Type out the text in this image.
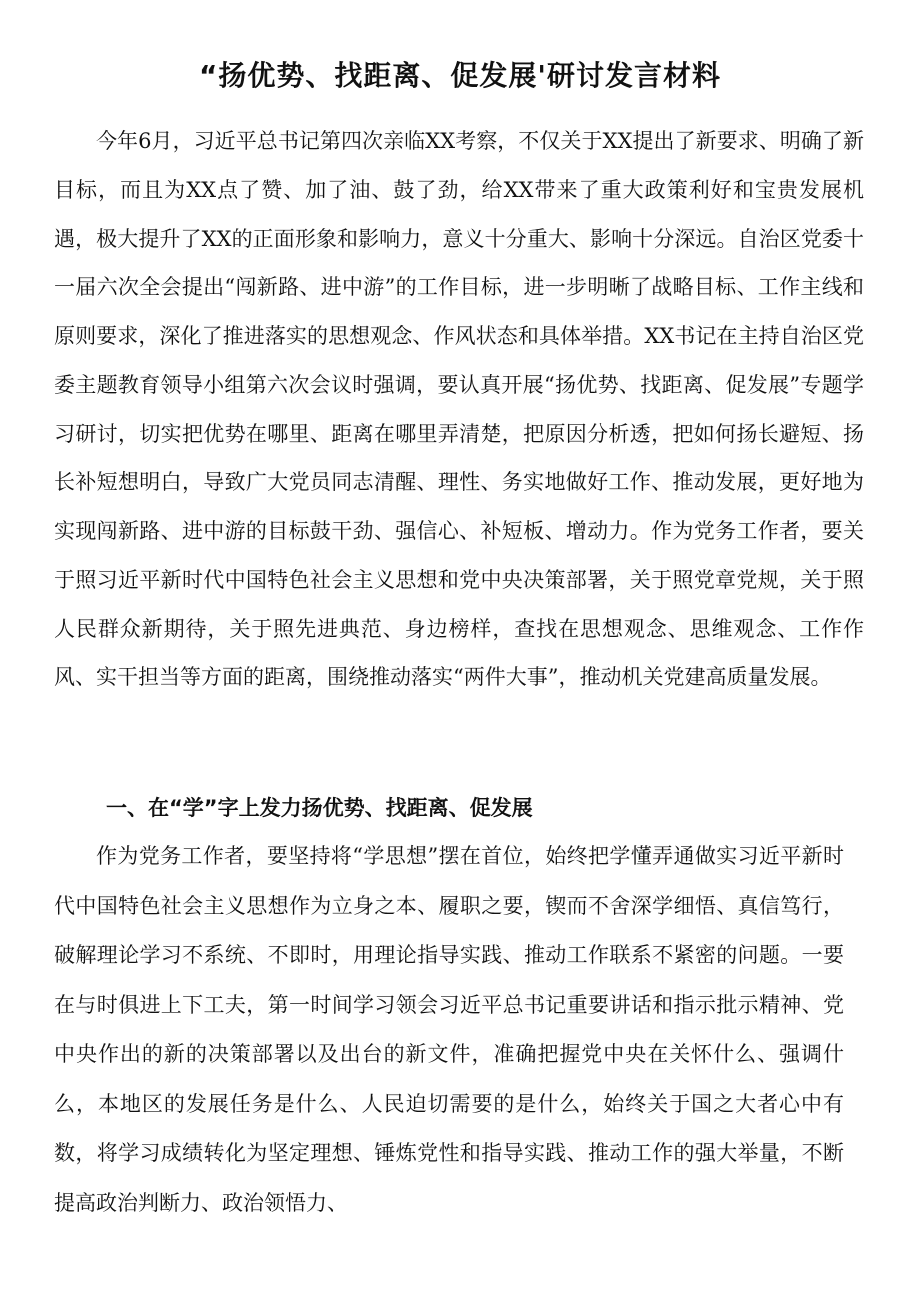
“扬优势、找距离、促发展'研讨发言材料

今年6月，习近平总书记第四次亲临XX考察，不仅关于XX提出了新要求、明确了新目标，而且为XX点了赞、加了油、鼓了劲，给XX带来了重大政策利好和宝贵发展机遇，极大提升了XX的正面形象和影响力，意义十分重大、影响十分深远。自治区党委十一届六次全会提出“闯新路、进中游”的工作目标，进一步明晰了战略目标、工作主线和原则要求，深化了推进落实的思想观念、作风状态和具体举措。XX书记在主持自治区党委主题教育领导小组第六次会议时强调，要认真开展“扬优势、找距离、促发展”专题学习研讨，切实把优势在哪里、距离在哪里弄清楚，把原因分析透，把如何扬长避短、扬长补短想明白，导致广大党员同志清醒、理性、务实地做好工作、推动发展，更好地为实现闯新路、进中游的目标鼓干劲、强信心、补短板、增动力。作为党务工作者，要关于照习近平新时代中国特色社会主义思想和党中央决策部署，关于照党章党规，关于照人民群众新期待，关于照先进典范、身边榜样，查找在思想观念、思维观念、工作作风、实干担当等方面的距离，围绕推动落实“两件大事”，推动机关党建高质量发展。

一、在“学”字上发力扬优势、找距离、促发展

作为党务工作者，要坚持将“学思想”摆在首位，始终把学懂弄通做实习近平新时代中国特色社会主义思想作为立身之本、履职之要，锲而不舍深学细悟、真信笃行，破解理论学习不系统、不即时，用理论指导实践、推动工作联系不紧密的问题。一要在与时俱进上下工夫，第一时间学习领会习近平总书记重要讲话和指示批示精神、党中央作出的新的决策部署以及出台的新文件，准确把握党中央在关怀什么、强调什么，本地区的发展任务是什么、人民迫切需要的是什么，始终关于国之大者心中有数，将学习成绩转化为坚定理想、锤炼党性和指导实践、推动工作的强大举量，不断提高政治判断力、政治领悟力、
